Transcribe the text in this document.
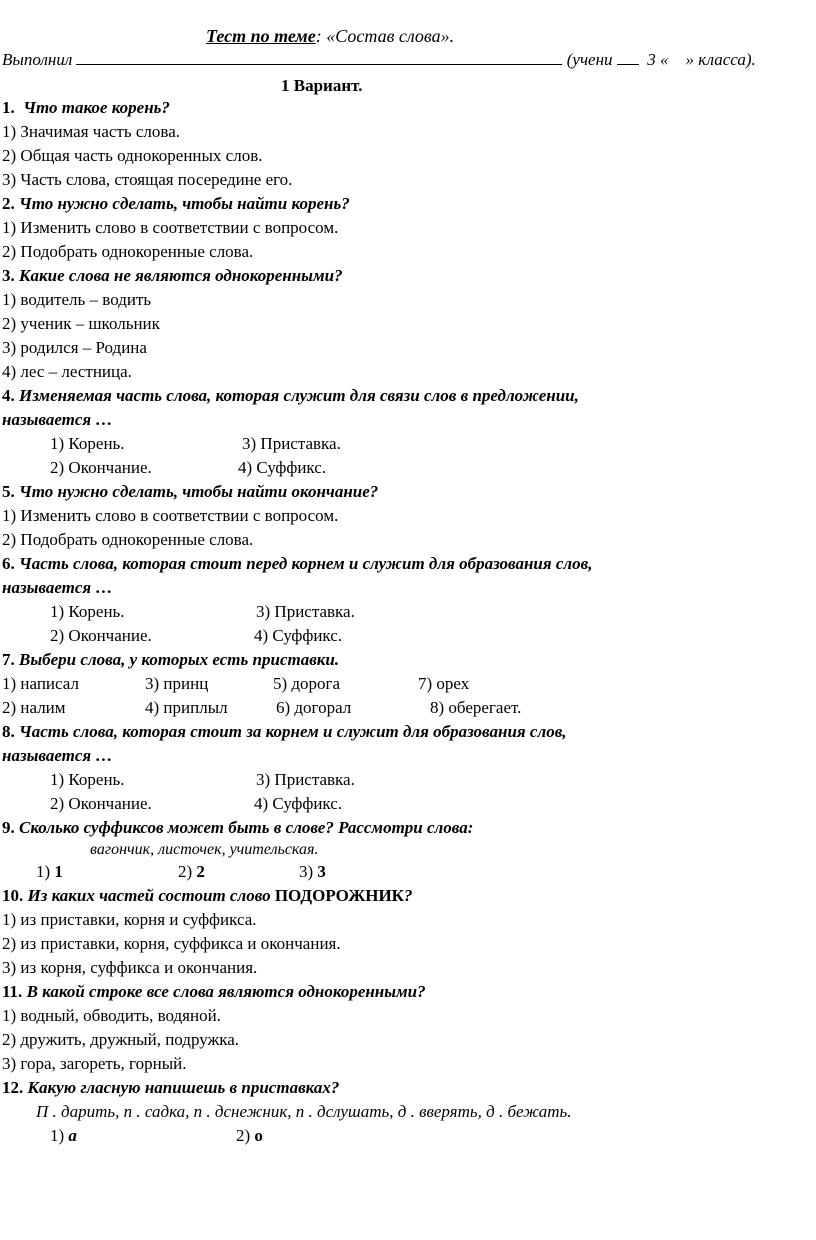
Тест по теме: «Состав слова».
Выполнил	(учени 3 « » класса).
1 Вариант.
1. Что такое корень?
1) Значимая часть слова.
2) Общая часть однокоренных слов.
3) Часть слова, стоящая посередине его.
2. Что нужно сделать, чтобы найти корень?
1) Изменить слово в соответствии с вопросом.
2) Подобрать однокоренные слова.
3. Какие слова не являются однокоренными?
1) водитель – водить
2) ученик – школьник
3) родился – Родина
4) лес – лестница.
4. Изменяемая часть слова, которая служит для связи слов в предложении,
называется …
1) Корень.	3) Приставка.
2) Окончание.	4) Суффикс.
5. Что нужно сделать, чтобы найти окончание?
1) Изменить слово в соответствии с вопросом.
2) Подобрать однокоренные слова.
6. Часть слова, которая стоит перед корнем и служит для образования слов,
называется …
1) Корень.	3) Приставка.
2) Окончание.	4) Суффикс.
7. Выбери слова, у которых есть приставки.
1) написал	3) принц	5) дорога	7) орех
2) налим	4) приплыл	6) догорал	8) оберегает.
8. Часть слова, которая стоит за корнем и служит для образования слов,
называется …
1) Корень.	3) Приставка.
2) Окончание.	4) Суффикс.
9. Сколько суффиксов может быть в слове? Рассмотри слова:
вагончик, листочек, учительская.
1) 1	2) 2	3) 3
10. Из каких частей состоит слово ПОДОРОЖНИК?
1) из приставки, корня и суффикса.
2) из приставки, корня, суффикса и окончания.
3) из корня, суффикса и окончания.
11. В какой строке все слова являются однокоренными?
1) водный, обводить, водяной.
2) дружить, дружный, подружка.
3) гора, загореть, горный.
12. Какую гласную напишешь в приставках?
П . дарить, п . садка, п . дснежник, п . дслушать, д . вверять, д . бежать.
1) а	2) о
